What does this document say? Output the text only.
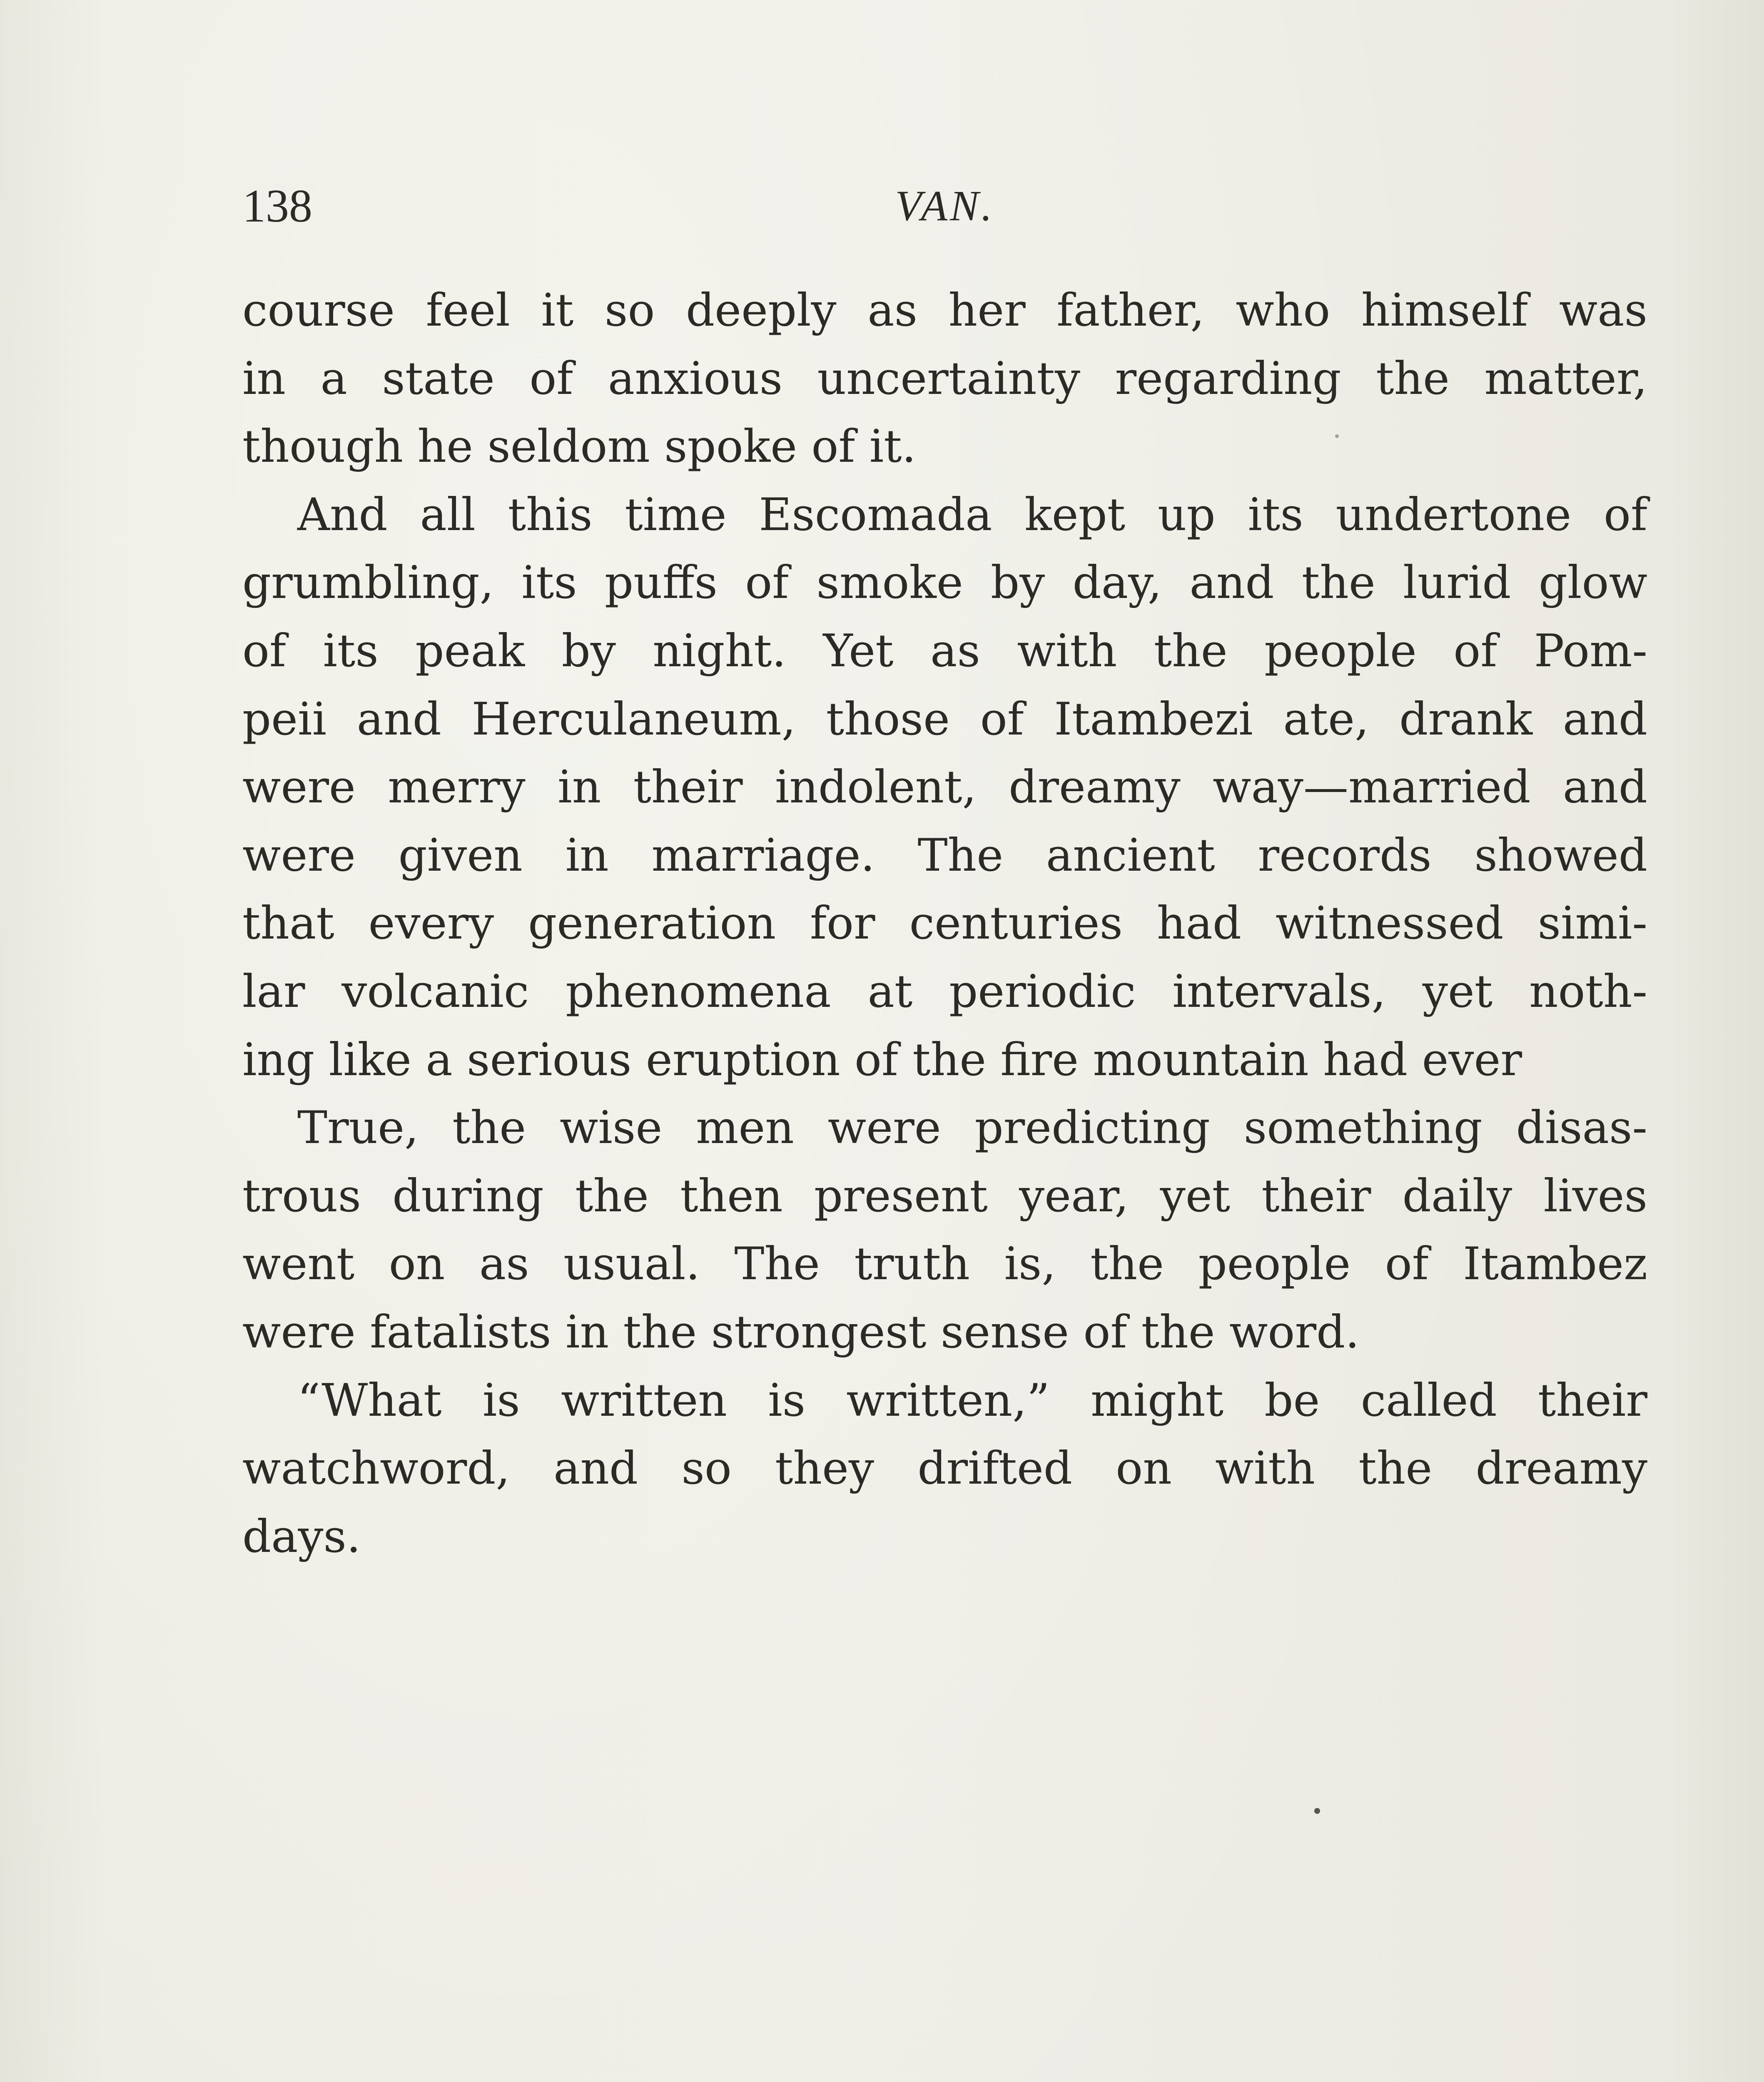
138	VAN.

course feel it so deeply as her father, who himself was
in a state of anxious uncertainty regarding the matter,

though he seldom spoke of it.

And all this time Escomada kept up its undertone of
grumbling, its puffs of smoke by day, and the lurid glow
of its peak by night. Yet as with the people of Pom-
peii and Herculaneum, those of Itambezi ate, drank and
were merry in their indolent, dreamy way—married and
were given in marriage. The ancient records showed
that every generation for centuries had witnessed simi-
lar volcanic phenomena at periodic intervals, yet noth-

ing like a serious eruption of the fire mountain had ever

True, the wise men were predicting something disas-
trous during the then present year, yet their daily lives
went on as usual. The truth is, the people of Itambez

were fatalists in the strongest sense of the word.

“What is written is written,” might be called their
watchword, and so they drifted on with the dreamy

days.
